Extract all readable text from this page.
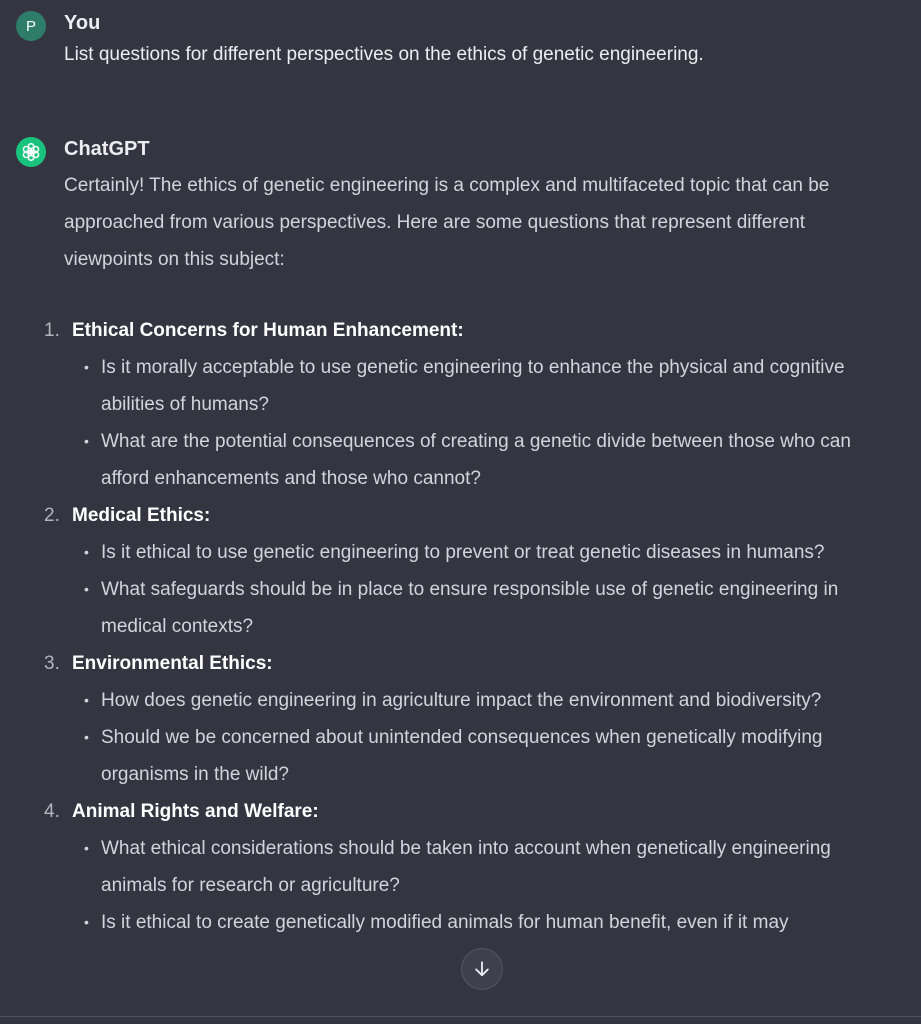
P You
List questions for different perspectives on the ethics of genetic engineering.
ChatGPT

Certainly! The ethics of genetic engineering is a complex and multifaceted topic that can be approached from various perspectives. Here are some questions that represent different viewpoints on this subject:

1. Ethical Concerns for Human Enhancement:
• Is it morally acceptable to use genetic engineering to enhance the physical and cognitive abilities of humans?
• What are the potential consequences of creating a genetic divide between those who can afford enhancements and those who cannot?
2. Medical Ethics:
• Is it ethical to use genetic engineering to prevent or treat genetic diseases in humans?
• What safeguards should be in place to ensure responsible use of genetic engineering in medical contexts?
3. Environmental Ethics:
• How does genetic engineering in agriculture impact the environment and biodiversity?
• Should we be concerned about unintended consequences when genetically modifying organisms in the wild?
4. Animal Rights and Welfare:
• What ethical considerations should be taken into account when genetically engineering animals for research or agriculture?
• Is it ethical to create genetically modified animals for human benefit, even if it may
